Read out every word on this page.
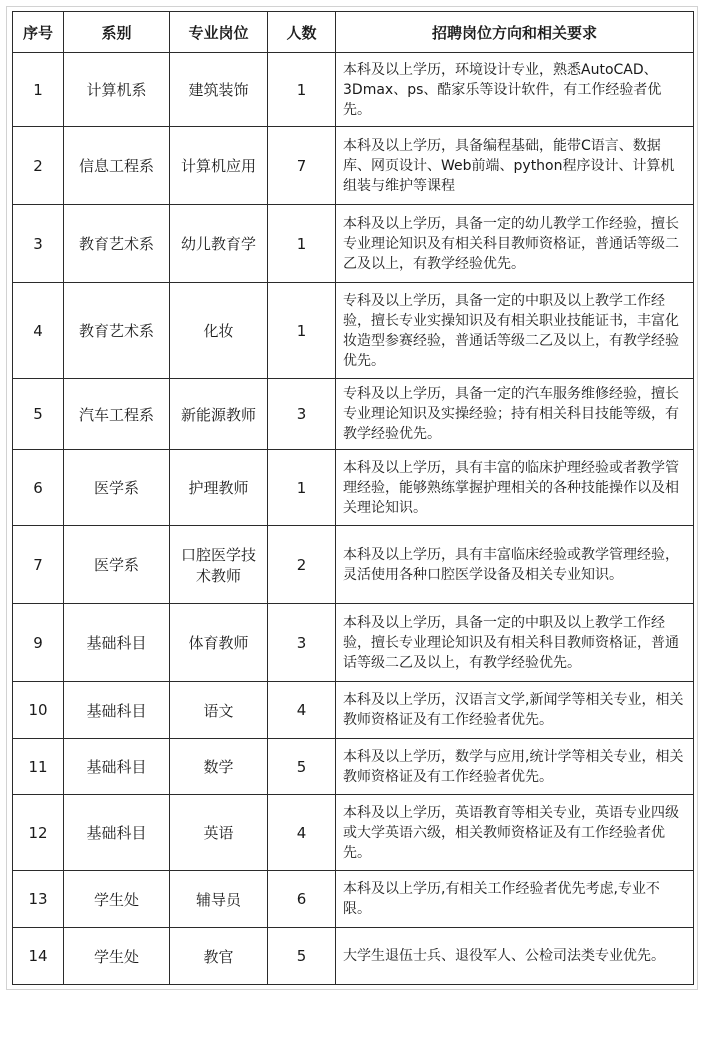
序号	系别	专业岗位	人数	招聘岗位方向和相关要求
1	计算机系	建筑装饰	1	本科及以上学历，环境设计专业，熟悉AutoCAD、3Dmax、ps、酷家乐等设计软件，有工作经验者优先。
2	信息工程系	计算机应用	7	本科及以上学历，具备编程基础，能带C语言、数据库、网页设计、Web前端、python程序设计、计算机组装与维护等课程
3	教育艺术系	幼儿教育学	1	本科及以上学历，具备一定的幼儿教学工作经验，擅长专业理论知识及有相关科目教师资格证，普通话等级二乙及以上，有教学经验优先。
4	教育艺术系	化妆	1	专科及以上学历，具备一定的中职及以上教学工作经验，擅长专业实操知识及有相关职业技能证书，丰富化妆造型参赛经验，普通话等级二乙及以上，有教学经验优先。
5	汽车工程系	新能源教师	3	专科及以上学历，具备一定的汽车服务维修经验，擅长专业理论知识及实操经验；持有相关科目技能等级，有教学经验优先。
6	医学系	护理教师	1	本科及以上学历，具有丰富的临床护理经验或者教学管理经验，能够熟练掌握护理相关的各种技能操作以及相关理论知识。
7	医学系	口腔医学技术教师	2	本科及以上学历，具有丰富临床经验或教学管理经验，灵活使用各种口腔医学设备及相关专业知识。
9	基础科目	体育教师	3	本科及以上学历，具备一定的中职及以上教学工作经验，擅长专业理论知识及有相关科目教师资格证，普通话等级二乙及以上，有教学经验优先。
10	基础科目	语文	4	本科及以上学历，汉语言文学,新闻学等相关专业，相关教师资格证及有工作经验者优先。
11	基础科目	数学	5	本科及以上学历，数学与应用,统计学等相关专业，相关教师资格证及有工作经验者优先。
12	基础科目	英语	4	本科及以上学历，英语教育等相关专业，英语专业四级或大学英语六级，相关教师资格证及有工作经验者优先。
13	学生处	辅导员	6	本科及以上学历,有相关工作经验者优先考虑,专业不限。
14	学生处	教官	5	大学生退伍士兵、退役军人、公检司法类专业优先。
